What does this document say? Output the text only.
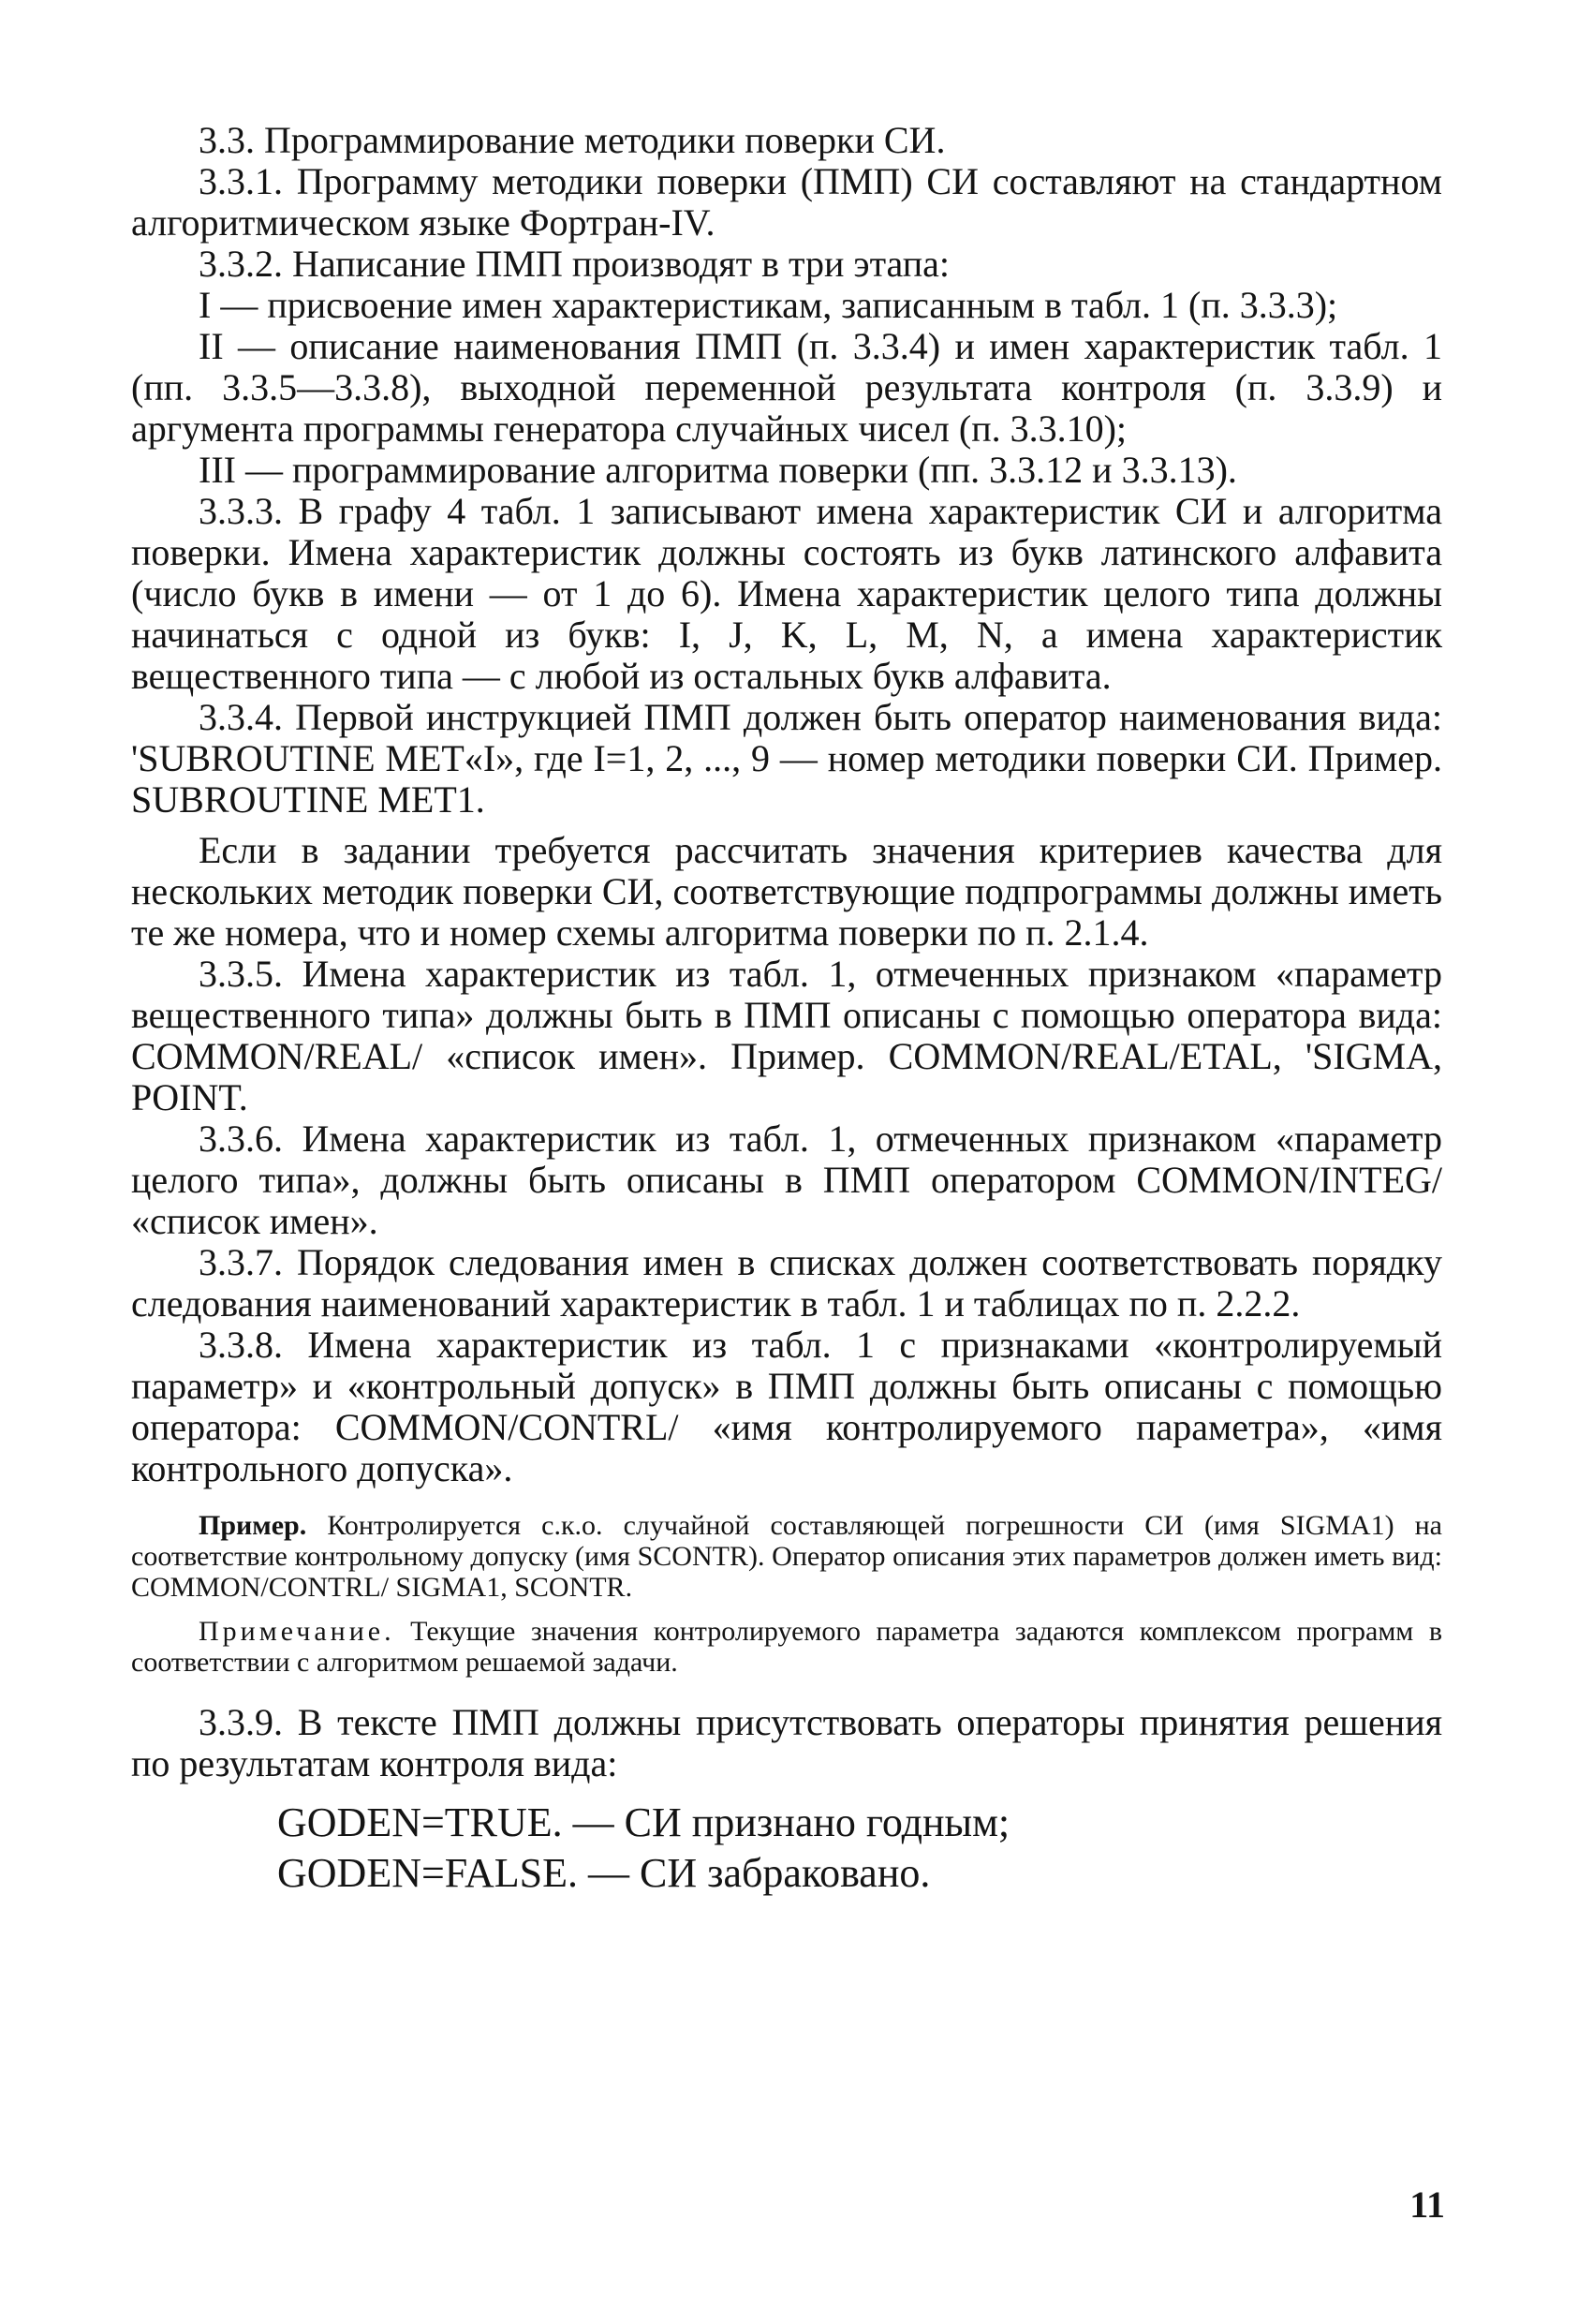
3.3. Программирование методики поверки СИ.

3.3.1. Программу методики поверки (ПМП) СИ составляют на стандартном алгоритмическом языке Фортран-IV.

3.3.2. Написание ПМП производят в три этапа:

I — присвоение имен характеристикам, записанным в табл. 1 (п. 3.3.3);

II — описание наименования ПМП (п. 3.3.4) и имен характеристик табл. 1 (пп. 3.3.5—3.3.8), выходной переменной результата контроля (п. 3.3.9) и аргумента программы генератора случайных чисел (п. 3.3.10);

III — программирование алгоритма поверки (пп. 3.3.12 и 3.3.13).

3.3.3. В графу 4 табл. 1 записывают имена характеристик СИ и алгоритма поверки. Имена характеристик должны состоять из букв латинского алфавита (число букв в имени — от 1 до 6). Имена характеристик целого типа должны начинаться с одной из букв: I, J, K, L, M, N, а имена характеристик вещественного типа — с любой из остальных букв алфавита.

3.3.4. Первой инструкцией ПМП должен быть оператор наименования вида: 'SUBROUTINE MET«I», где I=1, 2, ..., 9 — номер методики поверки СИ. Пример. SUBROUTINE MET1.

Если в задании требуется рассчитать значения критериев качества для нескольких методик поверки СИ, соответствующие подпрограммы должны иметь те же номера, что и номер схемы алгоритма поверки по п. 2.1.4.

3.3.5. Имена характеристик из табл. 1, отмеченных признаком «параметр вещественного типа» должны быть в ПМП описаны с помощью оператора вида: COMMON/REAL/ «список имен». Пример. COMMON/REAL/ETAL, 'SIGMA, POINT.

3.3.6. Имена характеристик из табл. 1, отмеченных признаком «параметр целого типа», должны быть описаны в ПМП оператором COMMON/INTEG/ «список имен».

3.3.7. Порядок следования имен в списках должен соответствовать порядку следования наименований характеристик в табл. 1 и таблицах по п. 2.2.2.

3.3.8. Имена характеристик из табл. 1 с признаками «контролируемый параметр» и «контрольный допуск» в ПМП должны быть описаны с помощью оператора: COMMON/CONTRL/ «имя контролируемого параметра», «имя контрольного допуска».

Пример. Контролируется с.к.о. случайной составляющей погрешности СИ (имя SIGMA1) на соответствие контрольному допуску (имя SCONTR). Оператор описания этих параметров должен иметь вид: COMMON/CONTRL/ SIGMA1, SCONTR.

Примечание. Текущие значения контролируемого параметра задаются комплексом программ в соответствии с алгоритмом решаемой задачи.

3.3.9. В тексте ПМП должны присутствовать операторы принятия решения по результатам контроля вида:

GODEN=TRUE. — СИ признано годным;

GODEN=FALSE. — СИ забраковано.

11
